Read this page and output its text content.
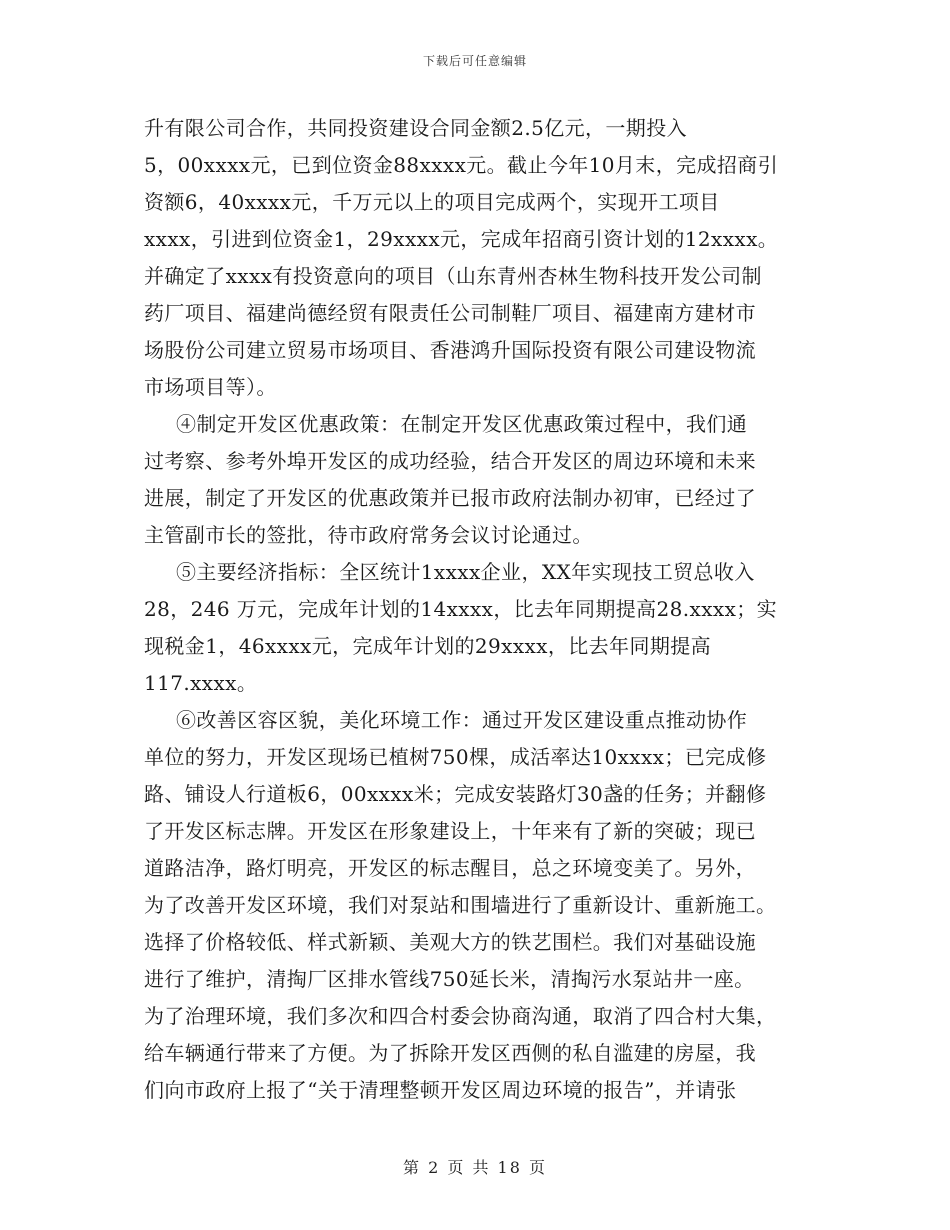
下载后可任意编辑
升有限公司合作，共同投资建设合同金额2.5亿元，一期投入
5，00xxxx元，已到位资金88xxxx元。截止今年10月末，完成招商引
资额6，40xxxx元，千万元以上的项目完成两个，实现开工项目
xxxx，引进到位资金1，29xxxx元，完成年招商引资计划的12xxxx。
并确定了xxxx有投资意向的项目（山东青州杏林生物科技开发公司制
药厂项目、福建尚德经贸有限责任公司制鞋厂项目、福建南方建材市
场股份公司建立贸易市场项目、香港鸿升国际投资有限公司建设物流
市场项目等）。
④制定开发区优惠政策：在制定开发区优惠政策过程中，我们通
过考察、参考外埠开发区的成功经验，结合开发区的周边环境和未来
进展，制定了开发区的优惠政策并已报市政府法制办初审，已经过了
主管副市长的签批，待市政府常务会议讨论通过。
⑤主要经济指标：全区统计1xxxx企业，XX年实现技工贸总收入
28，246 万元，完成年计划的14xxxx，比去年同期提高28.xxxx；实
现税金1，46xxxx元，完成年计划的29xxxx，比去年同期提高
117.xxxx。
⑥改善区容区貌，美化环境工作：通过开发区建设重点推动协作
单位的努力，开发区现场已植树750棵，成活率达10xxxx；已完成修
路、铺设人行道板6，00xxxx米；完成安装路灯30盏的任务；并翻修
了开发区标志牌。开发区在形象建设上，十年来有了新的突破；现已
道路洁净，路灯明亮，开发区的标志醒目，总之环境变美了。另外，
为了改善开发区环境，我们对泵站和围墙进行了重新设计、重新施工。
选择了价格较低、样式新颖、美观大方的铁艺围栏。我们对基础设施
进行了维护，清掏厂区排水管线750延长米，清掏污水泵站井一座。
为了治理环境，我们多次和四合村委会协商沟通，取消了四合村大集，
给车辆通行带来了方便。为了拆除开发区西侧的私自滥建的房屋，我
们向市政府上报了“关于清理整顿开发区周边环境的报告”，并请张
第 2 页 共 18 页
